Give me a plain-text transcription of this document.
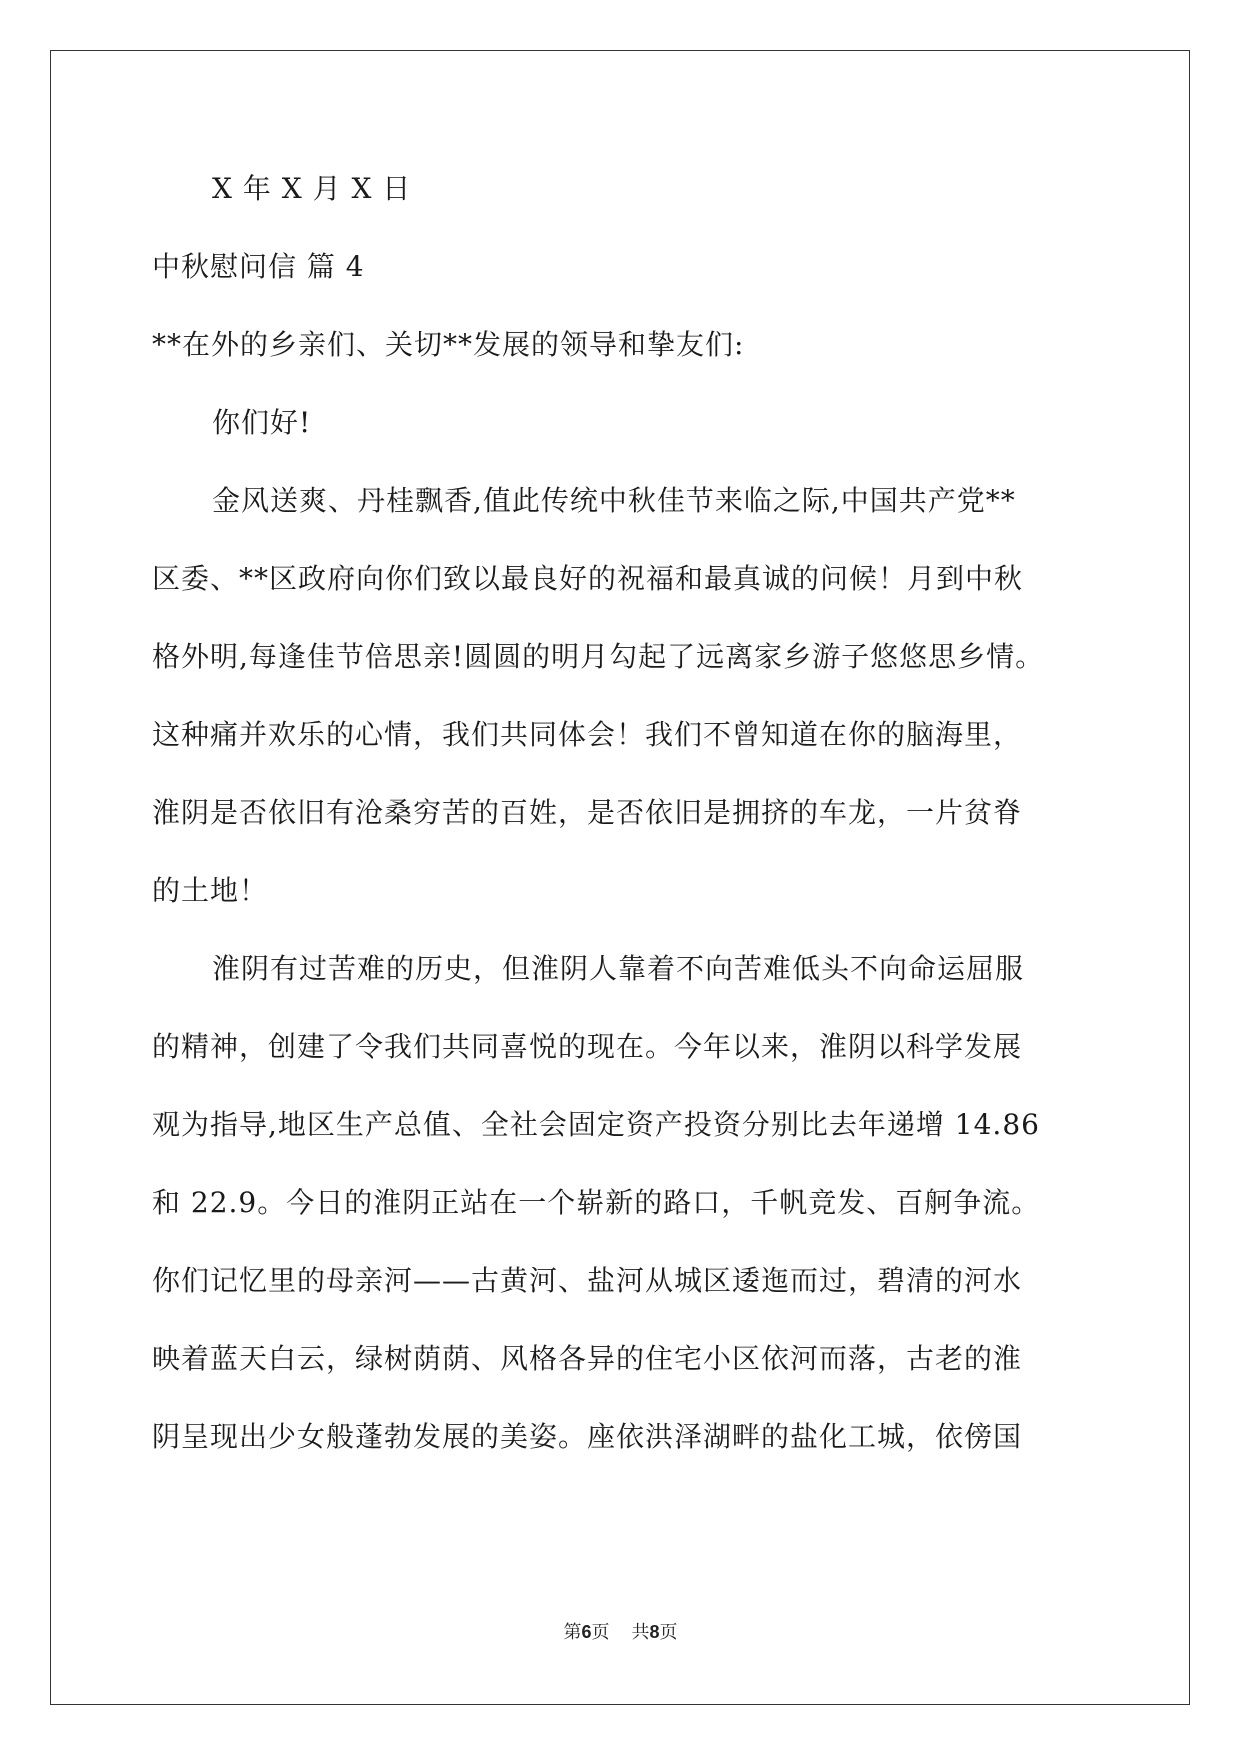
X 年 X 月 X 日
中秋慰问信 篇 4
**在外的乡亲们、关切**发展的领导和挚友们:
你们好!
金风送爽、丹桂飘香,值此传统中秋佳节来临之际,中国共产党**
区委、**区政府向你们致以最良好的祝福和最真诚的问候！月到中秋
格外明,每逢佳节倍思亲!圆圆的明月勾起了远离家乡游子悠悠思乡情。
这种痛并欢乐的心情，我们共同体会！我们不曾知道在你的脑海里，
淮阴是否依旧有沧桑穷苦的百姓，是否依旧是拥挤的车龙，一片贫脊
的土地！
淮阴有过苦难的历史，但淮阴人靠着不向苦难低头不向命运屈服
的精神，创建了令我们共同喜悦的现在。今年以来，淮阴以科学发展
观为指导,地区生产总值、全社会固定资产投资分别比去年递增 14.86
和 22.9。今日的淮阴正站在一个崭新的路口，千帆竞发、百舸争流。
你们记忆里的母亲河——古黄河、盐河从城区逶迤而过，碧清的河水
映着蓝天白云，绿树荫荫、风格各异的住宅小区依河而落，古老的淮
阴呈现出少女般蓬勃发展的美姿。座依洪泽湖畔的盐化工城，依傍国
第6页 共8页
